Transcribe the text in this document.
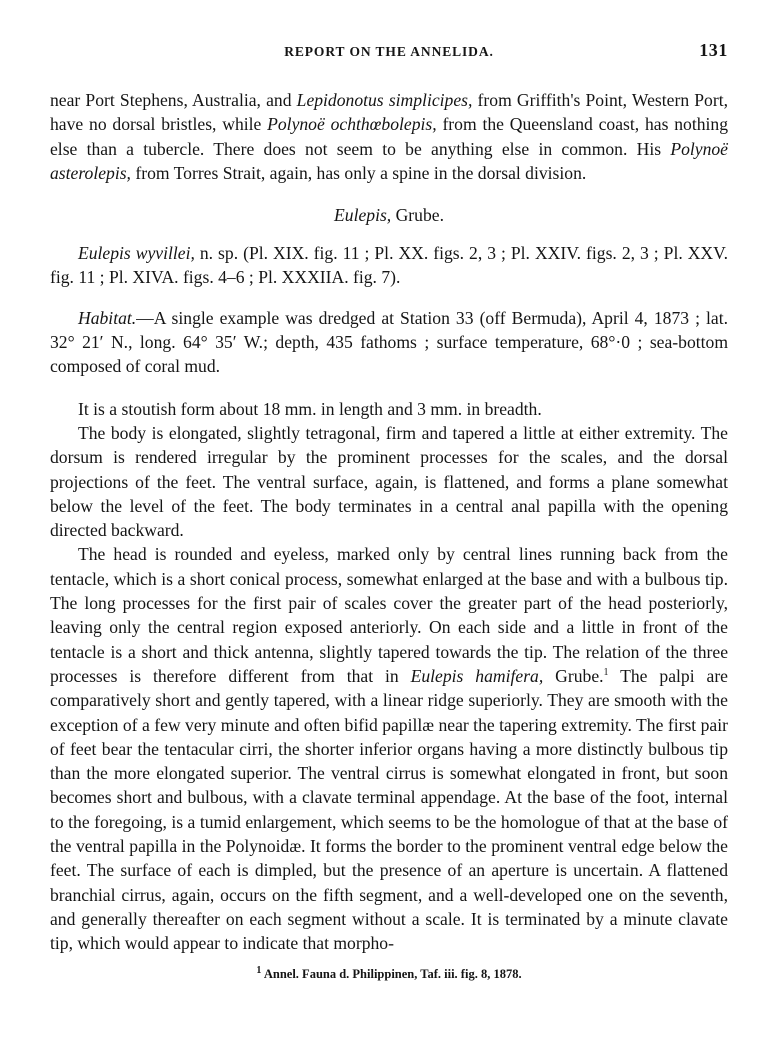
REPORT ON THE ANNELIDA.	131

near Port Stephens, Australia, and Lepidonotus simplicipes, from Griffith's Point, Western Port, have no dorsal bristles, while Polynoë ochthœbolepis, from the Queensland coast, has nothing else than a tubercle. There does not seem to be anything else in common. His Polynoë asterolepis, from Torres Strait, again, has only a spine in the dorsal division.

Eulepis, Grube.

Eulepis wyvillei, n. sp. (Pl. XIX. fig. 11 ; Pl. XX. figs. 2, 3 ; Pl. XXIV. figs. 2, 3 ; Pl. XXV. fig. 11 ; Pl. XIVA. figs. 4–6 ; Pl. XXXIIA. fig. 7).

Habitat.—A single example was dredged at Station 33 (off Bermuda), April 4, 1873 ; lat. 32° 21′ N., long. 64° 35′ W.; depth, 435 fathoms ; surface temperature, 68°·0 ; sea-bottom composed of coral mud.

It is a stoutish form about 18 mm. in length and 3 mm. in breadth.

The body is elongated, slightly tetragonal, firm and tapered a little at either extremity. The dorsum is rendered irregular by the prominent processes for the scales, and the dorsal projections of the feet. The ventral surface, again, is flattened, and forms a plane somewhat below the level of the feet. The body terminates in a central anal papilla with the opening directed backward.

The head is rounded and eyeless, marked only by central lines running back from the tentacle, which is a short conical process, somewhat enlarged at the base and with a bulbous tip. The long processes for the first pair of scales cover the greater part of the head posteriorly, leaving only the central region exposed anteriorly. On each side and a little in front of the tentacle is a short and thick antenna, slightly tapered towards the tip. The relation of the three processes is therefore different from that in Eulepis hamifera, Grube.$^1$ The palpi are comparatively short and gently tapered, with a linear ridge superiorly. They are smooth with the exception of a few very minute and often bifid papillæ near the tapering extremity. The first pair of feet bear the tentacular cirri, the shorter inferior organs having a more distinctly bulbous tip than the more elongated superior. The ventral cirrus is somewhat elongated in front, but soon becomes short and bulbous, with a clavate terminal appendage. At the base of the foot, internal to the foregoing, is a tumid enlargement, which seems to be the homologue of that at the base of the ventral papilla in the Polynoidæ. It forms the border to the prominent ventral edge below the feet. The surface of each is dimpled, but the presence of an aperture is uncertain. A flattened branchial cirrus, again, occurs on the fifth segment, and a well-developed one on the seventh, and generally thereafter on each segment without a scale. It is terminated by a minute clavate tip, which would appear to indicate that morpho-

$^1$ Annel. Fauna d. Philippinen, Taf. iii. fig. 8, 1878.
